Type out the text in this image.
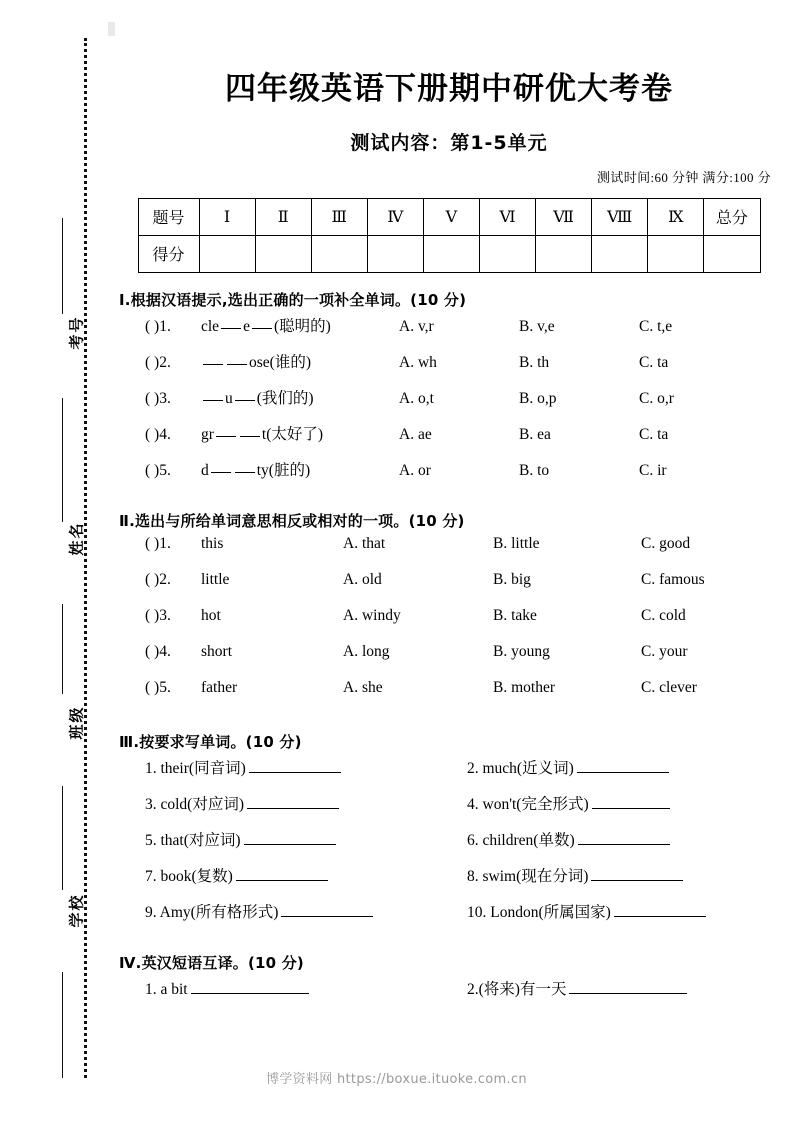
考号
姓名
班级
学校
四年级英语下册期中研优大考卷
测试内容：第1-5单元

测试时间:60 分钟 满分:100 分

题号	Ⅰ	Ⅱ	Ⅲ	Ⅳ	Ⅴ	Ⅵ	Ⅶ	Ⅷ	Ⅸ	总分
得分										

Ⅰ.根据汉语提示,选出正确的一项补全单词。(10 分)

( )1.	cle e (聪明的)	A. v,r	B. v,e	C. t,e
( )2.	ose(谁的)	A. wh	B. th	C. ta
( )3.	u (我们的)	A. o,t	B. o,p	C. o,r
( )4.	gr	t(太好了)	A. ae	B. ea	C. ta
( )5.	d	ty(脏的)	A. or	B. to	C. ir

Ⅱ.选出与所给单词意思相反或相对的一项。(10 分)

( )1.	this	A. that	B. little	C. good
( )2.	little	A. old	B. big	C. famous
( )3.	hot	A. windy	B. take	C. cold
( )4.	short	A. long	B. young	C. your
( )5.	father	A. she	B. mother	C. clever

Ⅲ.按要求写单词。(10 分)

1. their(同音词)	2. much(近义词)
3. cold(对应词)	4. won't(完全形式)
5. that(对应词)	6. children(单数)
7. book(复数)	8. swim(现在分词)
9. Amy(所有格形式)	10. London(所属国家)

Ⅳ.英汉短语互译。(10 分)

1. a bit	2.(将来)有一天
博学资料网 https://boxue.ituoke.com.cn
